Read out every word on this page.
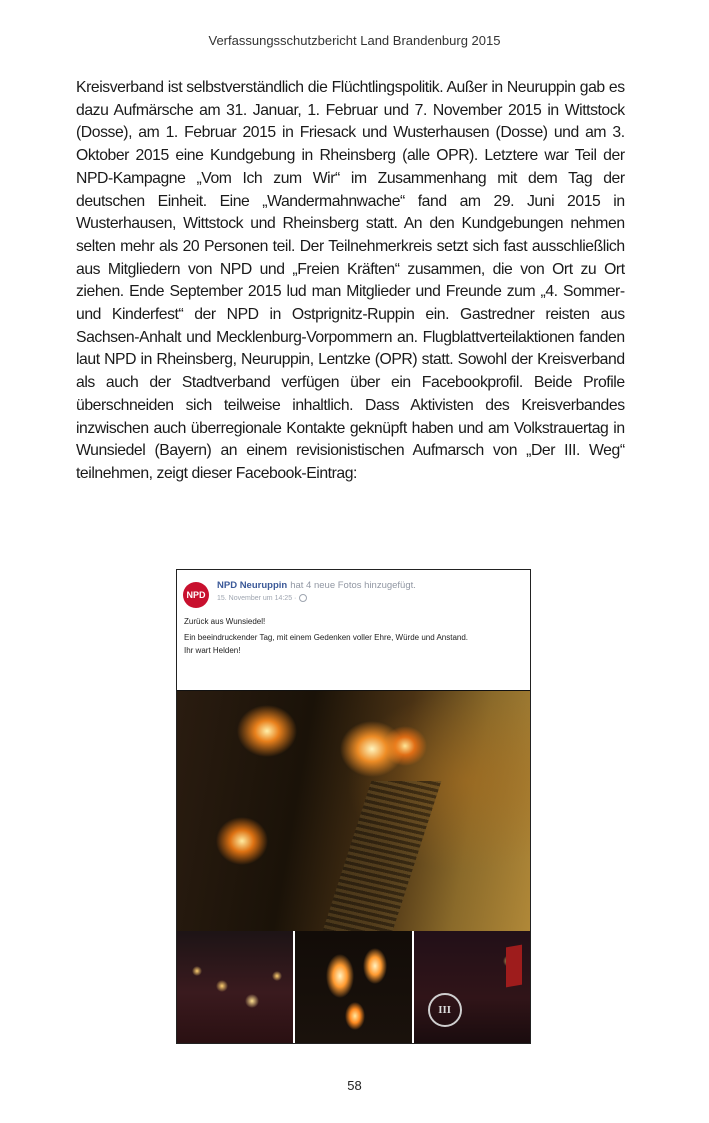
Verfassungsschutzbericht Land Brandenburg 2015

Kreisverband ist selbstverständlich die Flüchtlingspolitik. Außer in Neuruppin gab es dazu Aufmärsche am 31. Januar, 1. Februar und 7. November 2015 in Wittstock (Dosse), am 1. Februar 2015 in Friesack und Wusterhausen (Dosse) und am 3. Oktober 2015 eine Kundgebung in Rheinsberg (alle OPR). Letztere war Teil der NPD-Kampagne „Vom Ich zum Wir“ im Zusammenhang mit dem Tag der deutschen Einheit. Eine „Wandermahnwache“ fand am 29. Juni 2015 in Wusterhausen, Wittstock und Rheinsberg statt. An den Kundgebungen nehmen selten mehr als 20 Personen teil. Der Teilnehmerkreis setzt sich fast ausschließlich aus Mitgliedern von NPD und „Freien Kräften“ zusammen, die von Ort zu Ort ziehen. Ende September 2015 lud man Mitglieder und Freunde zum „4. Sommer- und Kinderfest“ der NPD in Ostprignitz-Ruppin ein. Gastredner reisten aus Sachsen-Anhalt und Mecklenburg-Vorpommern an. Flugblattverteilaktionen fanden laut NPD in Rheinsberg, Neuruppin, Lentzke (OPR) statt. Sowohl der Kreisverband als auch der Stadtverband verfügen über ein Facebookprofil. Beide Profile überschneiden sich teilweise inhaltlich. Dass Aktivisten des Kreisverbandes inzwischen auch überregionale Kontakte geknüpft haben und am Volkstrauertag in Wunsiedel (Bayern) an einem revisionistischen Aufmarsch von „Der III. Weg“ teilnehmen, zeigt dieser Facebook-Eintrag:

NPD
NPD Neuruppin hat 4 neue Fotos hinzugefügt.
15. November um 14:25 ·

Zurück aus Wunsiedel!

Ein beeindruckender Tag, mit einem Gedenken voller Ehre, Würde und Anstand.

Ihr wart Helden!

III
58
